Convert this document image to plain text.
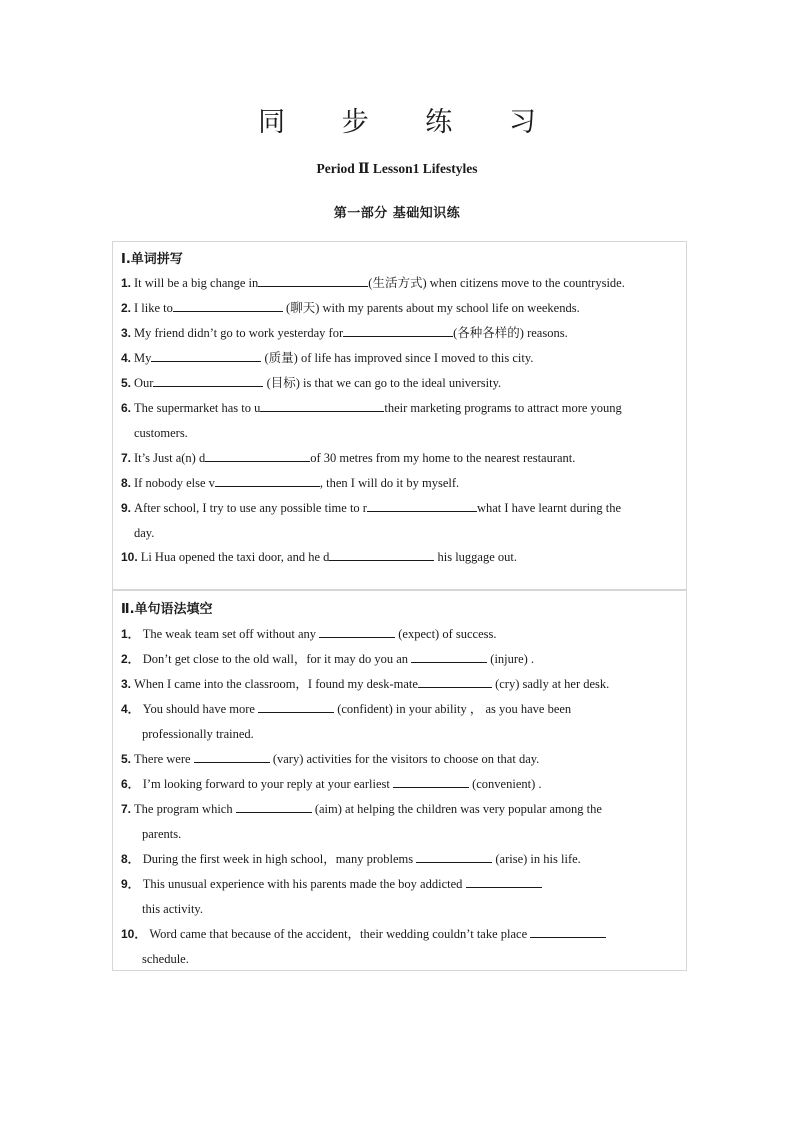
同 步 练 习
Period Ⅱ Lesson1 Lifestyles
第一部分 基础知识练
Ⅰ.单词拼写
1. It will be a big change in	(生活方式) when citizens move to the countryside.
2. I like to	(聊天) with my parents about my school life on weekends.
3. My friend didn’t go to work yesterday for	(各种各样的) reasons.
4. My	(质量) of life has improved since I moved to this city.
5. Our	(目标) is that we can go to the ideal university.
6. The supermarket has to u	their marketing programs to attract more young
customers.
7. It’s Just a(n) d	of 30 metres from my home to the nearest restaurant.
8. If nobody else v	, then I will do it by myself.
9. After school, I try to use any possible time to r	what I have learnt during the
day.
10. Li Hua opened the taxi door, and he d	his luggage out.
Ⅱ.单句语法填空
1． The weak team set off without any	(expect) of success.
2． Don’t get close to the old wall，for it may do you an	(injure) .
3. When I came into the classroom，I found my desk-mate	(cry) sadly at her desk.
4． You should have more	(confident) in your ability ， as you have been
professionally trained.
5. There were	(vary) activities for the visitors to choose on that day.
6． I’m looking forward to your reply at your earliest	(convenient) .
7. The program which	(aim) at helping the children was very popular among the
parents.
8． During the first week in high school，many problems	(arise) in his life.
9． This unusual experience with his parents made the boy addicted
this activity.
10． Word came that because of the accident，their wedding couldn’t take place
schedule.
